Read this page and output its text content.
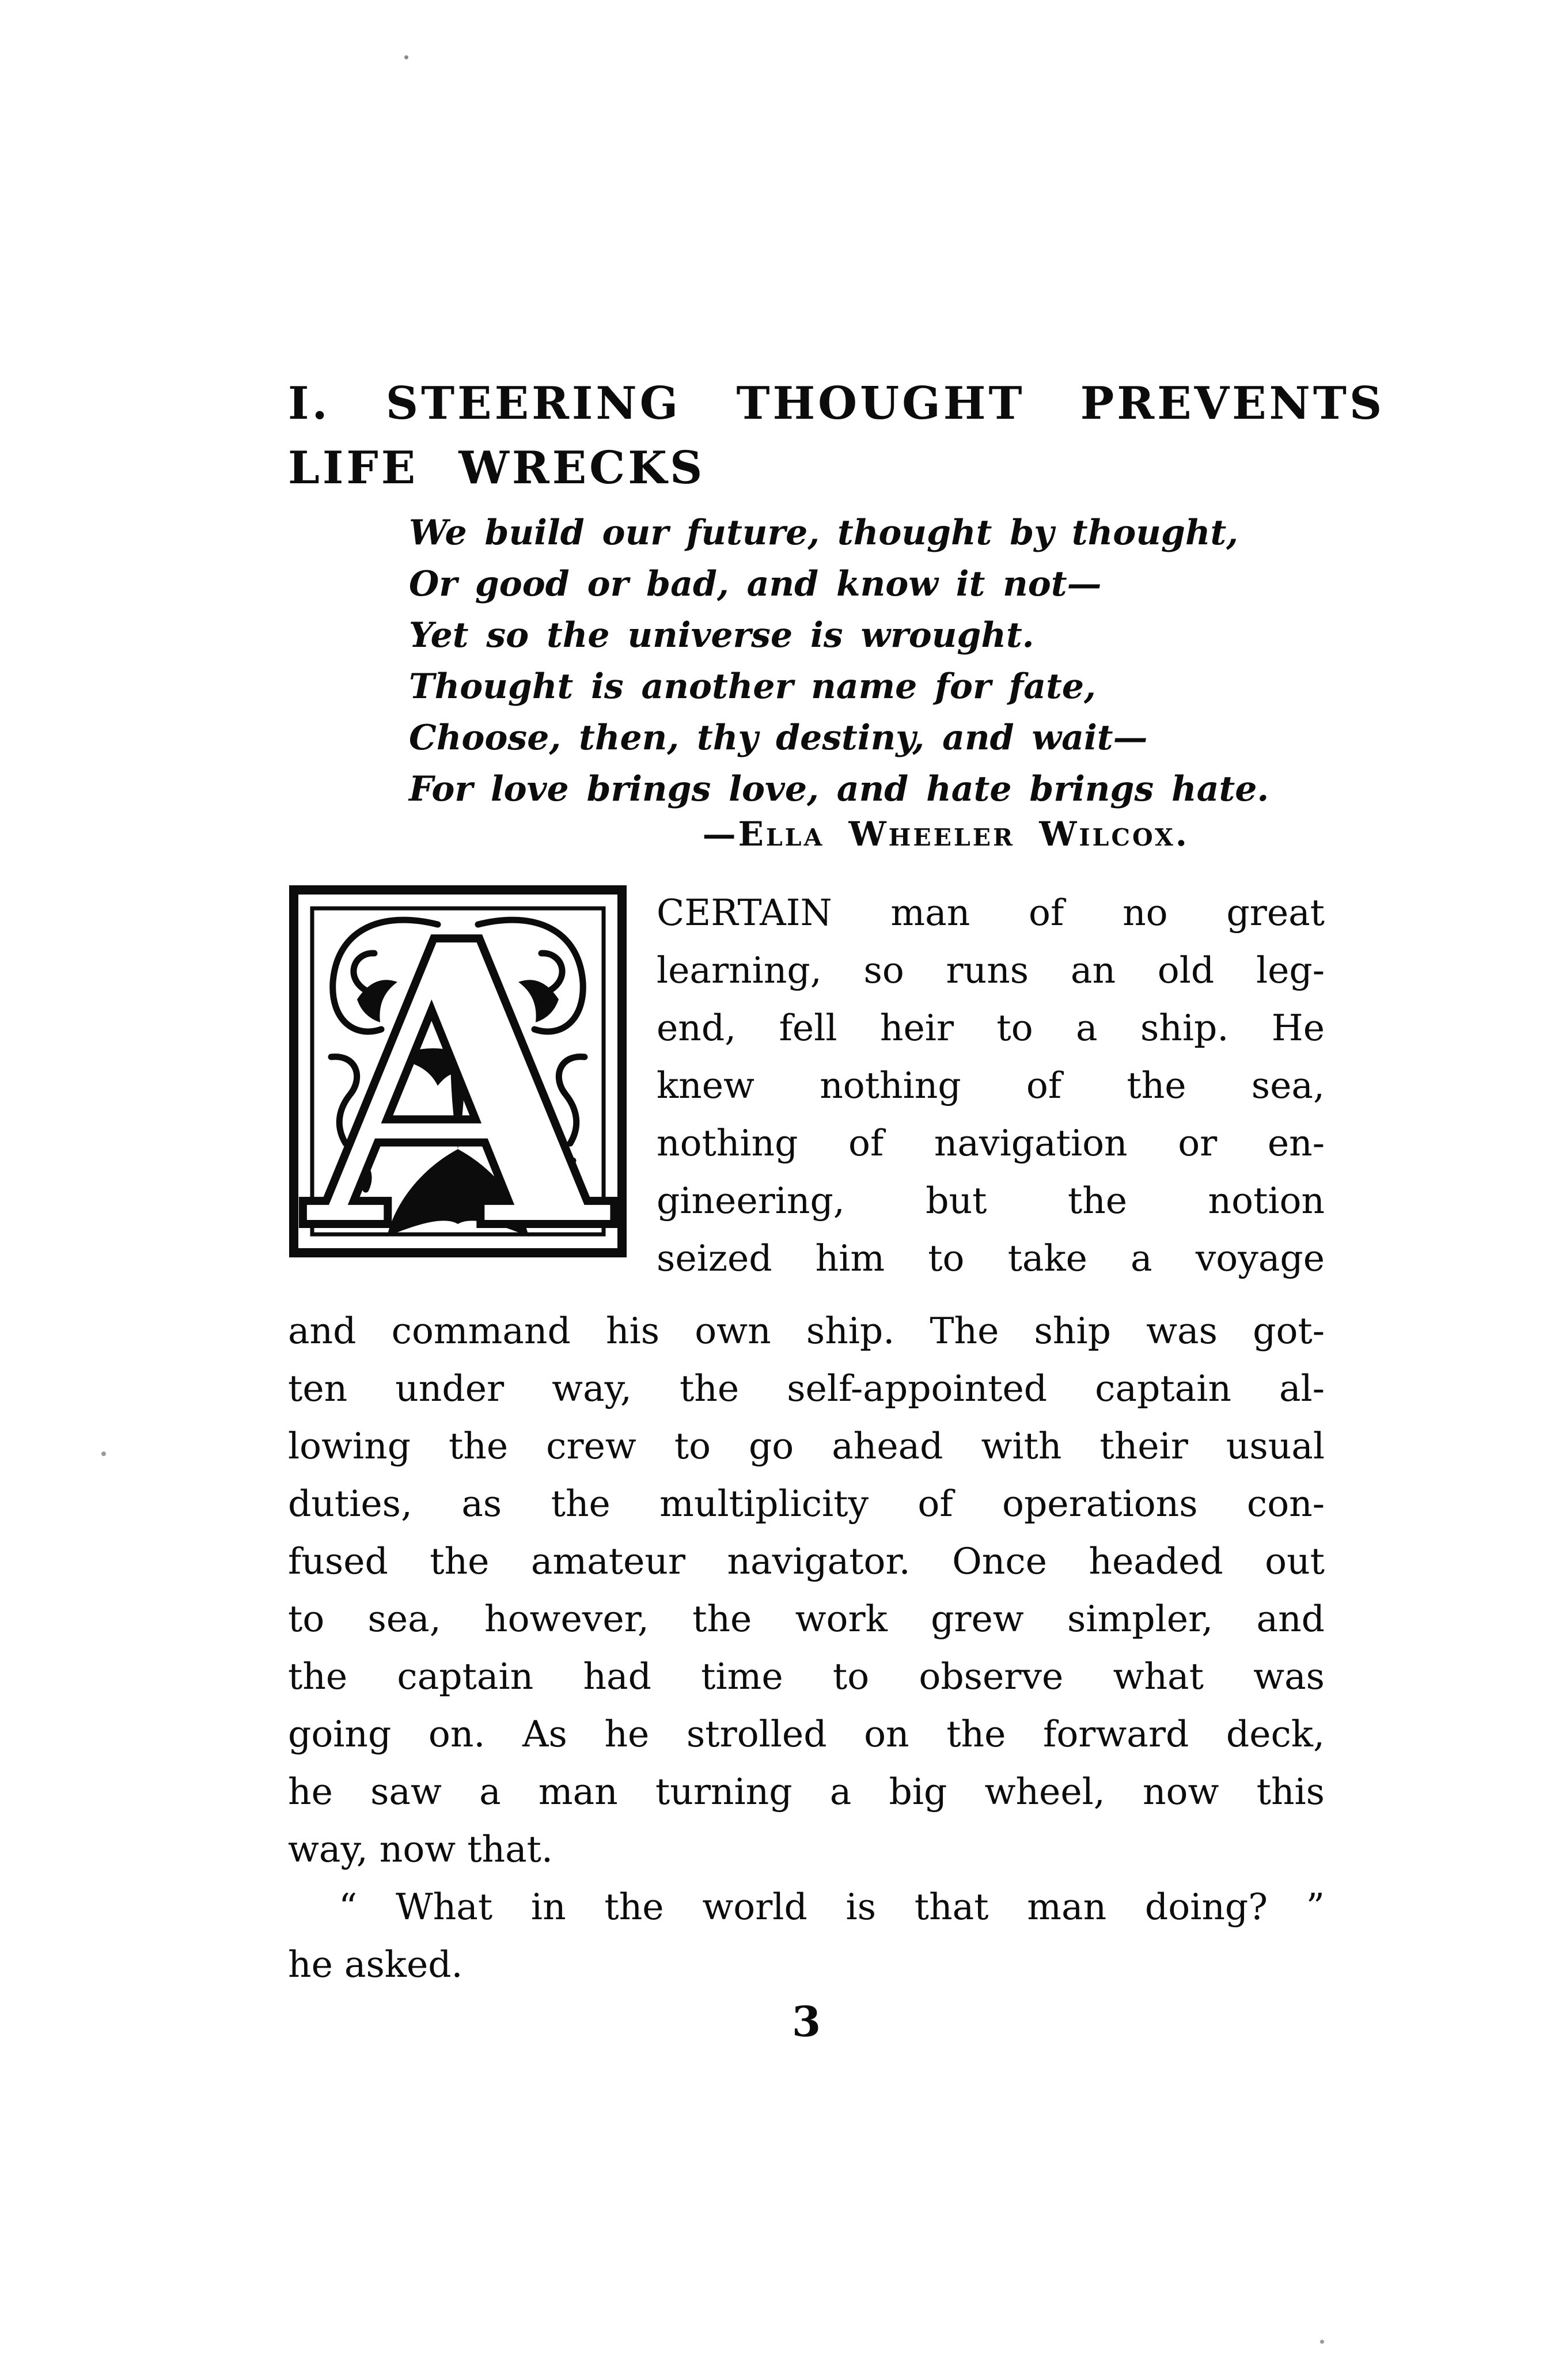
I. STEERING THOUGHT PREVENTS
LIFE WRECKS
We build our future, thought by thought,
Or good or bad, and know it not—
Yet so the universe is wrought.
Thought is another name for fate,
Choose, then, thy destiny, and wait—
For love brings love, and hate brings hate.
—Ella Wheeler Wilcox.
A CERTAIN man of no great
learning, so runs an old leg-
end, fell heir to a ship. He
knew nothing of the sea,
nothing of navigation or en-
gineering, but the notion
seized him to take a voyage
and command his own ship. The ship was got-
ten under way, the self-appointed captain al-
lowing the crew to go ahead with their usual
duties, as the multiplicity of operations con-
fused the amateur navigator. Once headed out
to sea, however, the work grew simpler, and
the captain had time to observe what was
going on. As he strolled on the forward deck,
he saw a man turning a big wheel, now this
way, now that.
“ What in the world is that man doing? ”
he asked.
3
